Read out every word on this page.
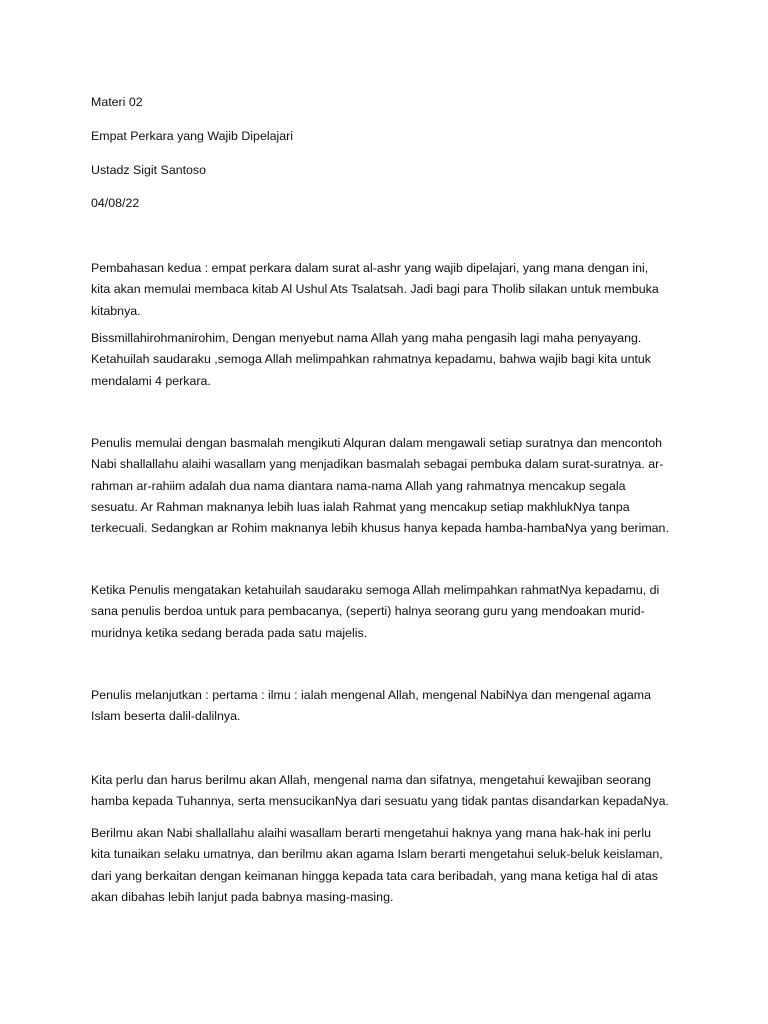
Materi 02
Empat Perkara yang Wajib Dipelajari
Ustadz Sigit Santoso
04/08/22
Pembahasan kedua : empat perkara dalam surat al-ashr yang wajib dipelajari, yang mana dengan ini,
kita akan memulai membaca kitab Al Ushul Ats Tsalatsah. Jadi bagi para Tholib silakan untuk membuka
kitabnya.
Bissmillahirohmanirohim, Dengan menyebut nama Allah yang maha pengasih lagi maha penyayang.
Ketahuilah saudaraku ,semoga Allah melimpahkan rahmatnya kepadamu, bahwa wajib bagi kita untuk
mendalami 4 perkara.
Penulis memulai dengan basmalah mengikuti Alquran dalam mengawali setiap suratnya dan mencontoh
Nabi shallallahu alaihi wasallam yang menjadikan basmalah sebagai pembuka dalam surat-suratnya. ar-
rahman ar-rahiim adalah dua nama diantara nama-nama Allah yang rahmatnya mencakup segala
sesuatu. Ar Rahman maknanya lebih luas ialah Rahmat yang mencakup setiap makhlukNya tanpa
terkecuali. Sedangkan ar Rohim maknanya lebih khusus hanya kepada hamba-hambaNya yang beriman.
Ketika Penulis mengatakan ketahuilah saudaraku semoga Allah melimpahkan rahmatNya kepadamu, di
sana penulis berdoa untuk para pembacanya, (seperti) halnya seorang guru yang mendoakan murid-
muridnya ketika sedang berada pada satu majelis.
Penulis melanjutkan : pertama : ilmu : ialah mengenal Allah, mengenal NabiNya dan mengenal agama
Islam beserta dalil-dalilnya.
Kita perlu dan harus berilmu akan Allah, mengenal nama dan sifatnya, mengetahui kewajiban seorang
hamba kepada Tuhannya, serta mensucikanNya dari sesuatu yang tidak pantas disandarkan kepadaNya.
Berilmu akan Nabi shallallahu alaihi wasallam berarti mengetahui haknya yang mana hak-hak ini perlu
kita tunaikan selaku umatnya, dan berilmu akan agama Islam berarti mengetahui seluk-beluk keislaman,
dari yang berkaitan dengan keimanan hingga kepada tata cara beribadah, yang mana ketiga hal di atas
akan dibahas lebih lanjut pada babnya masing-masing.
